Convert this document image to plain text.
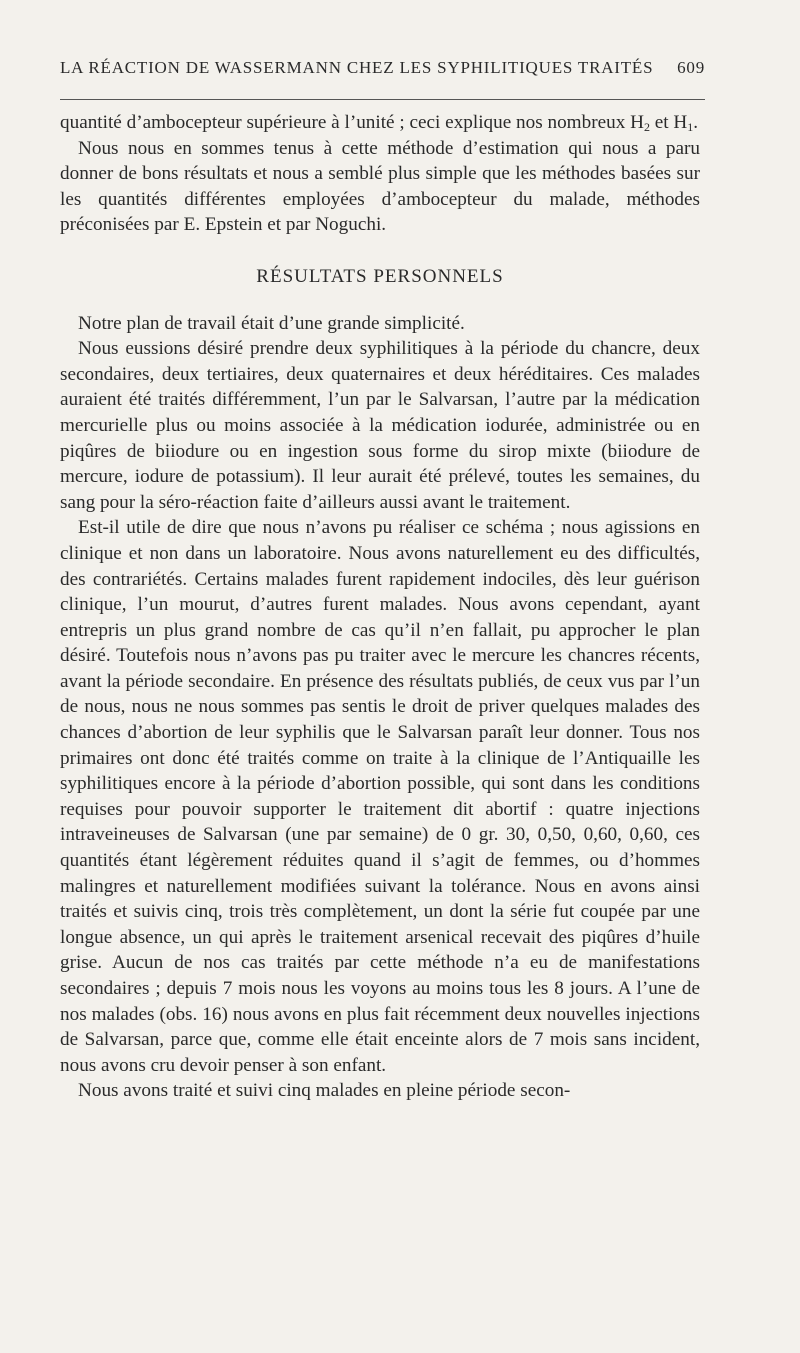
LA RÉACTION DE WASSERMANN CHEZ LES SYPHILITIQUES TRAITÉS 609

quantité d’ambocepteur supérieure à l’unité ; ceci explique nos nombreux $H_2$ et $H_1$.

Nous nous en sommes tenus à cette méthode d’estimation qui nous a paru donner de bons résultats et nous a semblé plus simple que les méthodes basées sur les quantités différentes employées d’ambocepteur du malade, méthodes préconisées par E. Epstein et par Noguchi.

RÉSULTATS PERSONNELS

Notre plan de travail était d’une grande simplicité.

Nous eussions désiré prendre deux syphilitiques à la période du chancre, deux secondaires, deux tertiaires, deux quaternaires et deux héréditaires. Ces malades auraient été traités différemment, l’un par le Salvarsan, l’autre par la médication mercurielle plus ou moins associée à la médication iodurée, administrée ou en piqûres de biiodure ou en ingestion sous forme du sirop mixte (biiodure de mercure, iodure de potassium). Il leur aurait été prélevé, toutes les semaines, du sang pour la séro-réaction faite d’ailleurs aussi avant le traitement.

Est-il utile de dire que nous n’avons pu réaliser ce schéma ; nous agissions en clinique et non dans un laboratoire. Nous avons naturellement eu des difficultés, des contrariétés. Certains malades furent rapidement indociles, dès leur guérison clinique, l’un mourut, d’autres furent malades. Nous avons cependant, ayant entrepris un plus grand nombre de cas qu’il n’en fallait, pu approcher le plan désiré. Toutefois nous n’avons pas pu traiter avec le mercure les chancres récents, avant la période secondaire. En présence des résultats publiés, de ceux vus par l’un de nous, nous ne nous sommes pas sentis le droit de priver quelques malades des chances d’abortion de leur syphilis que le Salvarsan paraît leur donner. Tous nos primaires ont donc été traités comme on traite à la clinique de l’Antiquaille les syphilitiques encore à la période d’abortion possible, qui sont dans les conditions requises pour pouvoir supporter le traitement dit abortif : quatre injections intraveineuses de Salvarsan (une par semaine) de 0 gr. 30, 0,50, 0,60, 0,60, ces quantités étant légèrement réduites quand il s’agit de femmes, ou d’hommes malingres et naturellement modifiées suivant la tolérance. Nous en avons ainsi traités et suivis cinq, trois très complètement, un dont la série fut coupée par une longue absence, un qui après le traitement arsenical recevait des piqûres d’huile grise. Aucun de nos cas traités par cette méthode n’a eu de manifestations secondaires ; depuis 7 mois nous les voyons au moins tous les 8 jours. A l’une de nos malades (obs. 16) nous avons en plus fait récemment deux nouvelles injections de Salvarsan, parce que, comme elle était enceinte alors de 7 mois sans incident, nous avons cru devoir penser à son enfant.

Nous avons traité et suivi cinq malades en pleine période secon-
